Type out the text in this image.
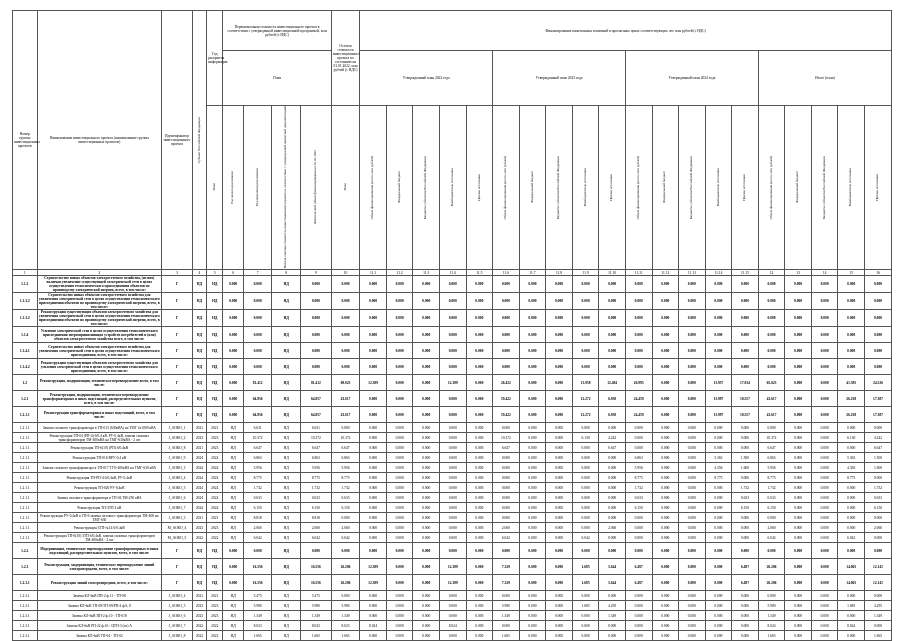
Номер группы инвестиционных проектов	Наименование инвестиционного проекта (наименование группы инвестиционных проектов)	Идентификатор инвестиционного проекта	Субъект Российской Федерации	Год раскрытия информации	Первоначальная стоимость инвестиционного проекта в соответствии с утвержденной инвестиционной программой, млн рублей (с НДС)				Остаток стоимости инвестиционного проекта по состоянию на 01.01.2022, млн рублей (с НДС)	Финансирование капитальных вложений в прогнозных ценах соответствующих лет, млн рублей (с НДС)																			
					План					Утвержденный план 2022 года					Утвержденный план 2023 года					Утвержденный план 2024 года					Итого (план)				
				План	Год начала реализации	Год окончания реализации	Полная сметная стоимость инвестиционного проекта в соответствии с утвержденной проектной документацией	Фактический объем финансирования на 01.01.2022	План	Объем финансирования (всего, млн рублей)	Федеральный бюджет	Бюджеты субъектов Российской Федерации	Внебюджетные источники	Прочие источники	Объем финансирования (всего, млн рублей)	Федеральный бюджет	Бюджеты субъектов Российской Федерации	Внебюджетные источники	Прочие источники	Объем финансирования (всего, млн рублей)	Федеральный бюджет	Бюджеты субъектов Российской Федерации	Внебюджетные источники	Прочие источники	Объем финансирования (всего, млн рублей)	Федеральный бюджет	Бюджеты субъектов Российской Федерации	Внебюджетные источники	Прочие источники
1	2	3	4	5	6	7	8	9	10	11.1	11.2	11.3	11.4	11.5	11.6	11.7	11.8	11.9	11.10	11.11	11.12	11.13	11.14	11.15	12	13	14	15	16
1.1.2	Строительство новых объектов электросетевого хозяйства, (из них) включая увеличение существующей электрической сети в целях осуществления технологического присоединения объектов по производству электрической энергии, всего, в том числе:	Г	НД	НД	0.000	0.000	НД	0.000	0.000	0.000	0.000	0.000	0.000	0.000	0.000	0.000	0.000	0.000	0.000	0.000	0.000	0.000	0.000	0.000	0.000	0.000	0.000	0.000	0.000
1.1.3.2	Строительство новых объектов электросетевого хозяйства для увеличения электрической сети в целях осуществления технологического присоединения объектов по производству электрической энергии, всего, в том числе:	Г	НД	НД	0.000	0.000	НД	0.000	0.000	0.000	0.000	0.000	0.000	0.000	0.000	0.000	0.000	0.000	0.000	0.000	0.000	0.000	0.000	0.000	0.000	0.000	0.000	0.000	0.000
1.1.3.2	Реконструкция существующих объектов электросетевого хозяйства для увеличения электрической сети в целях осуществления технологического присоединения объектов по производству электрической энергии, всего, в том числе:	Г	НД	НД	0.000	0.000	НД	0.000	0.000	0.000	0.000	0.000	0.000	0.000	0.000	0.000	0.000	0.000	0.000	0.000	0.000	0.000	0.000	0.000	0.000	0.000	0.000	0.000	0.000
1.1.4	Усиление электрической сети в целях осуществления технологического присоединения энергопринимающих устройств потребителей и (или) объектов электросетевого хозяйства всего, в том числе:	Г	НД	НД	0.000	0.000	НД	0.000	0.000	0.000	0.000	0.000	0.000	0.000	0.000	0.000	0.000	0.000	0.000	0.000	0.000	0.000	0.000	0.000	0.000	0.000	0.000	0.000	0.000
1.1.4.1	Строительство новых объектов электросетевого хозяйства для увеличения электрической сети в целях осуществления технологического присоединения, всего, в том числе:	Г	НД	НД	0.000	0.000	НД	0.000	0.000	0.000	0.000	0.000	0.000	0.000	0.000	0.000	0.000	0.000	0.000	0.000	0.000	0.000	0.000	0.000	0.000	0.000	0.000	0.000	0.000
1.1.4.2	Реконструкция существующих объектов электросетевого хозяйства для усиления электрической сети в целях осуществления технологического присоединения, всего, в том числе:	Г	НД	НД	0.000	0.000	НД	0.000	0.000	0.000	0.000	0.000	0.000	0.000	0.000	0.000	0.000	0.000	0.000	0.000	0.000	0.000	0.000	0.000	0.000	0.000	0.000	0.000	0.000
1.2	Реконструкция, модернизация, техническое перевооружение всего, в том числе:	Г	НД	НД	0.000	81.412	НД	81.412	69.023	12.389	0.000	0.000	12.389	0.000	26.452	0.000	0.000	13.958	12.494	26.995	0.000	0.000	13.957	17.034	65.623	0.000	0.000	41.395	24.526
1.2.1	Реконструкция, модернизация, техническое перевооружение трансформаторных и иных подстанций, распределительных пунктов, всего, в том числе:	Г	НД	НД	0.000	64.856	НД	64.857	43.617	0.000	0.000	0.000	0.000	0.000	19.422	0.000	0.000	12.272	6.950	24.459	0.000	0.000	13.997	10.557	43.617	0.000	0.000	26.238	17.387
1.2.1.1	Реконструкция трансформаторных и иных подстанций, всего, в том числе:	Г	НД	НД	0.000	64.856	НД	64.857	43.617	0.000	0.000	0.000	0.000	0.000	19.422	0.000	0.000	12.272	6.950	24.459	0.000	0.000	13.997	10.557	43.617	0.000	0.000	26.238	17.387
1.2.1.1	Замена силового трансформатора в ТП-013 (630кВА) на ТМГ 2х1000 кВА	J_AОКО_1	2021	2021	НД	6.631	НД	6.631	0.000	0.000	0.000	0.000	0.000	0.000	0.000	0.000	0.000	0.000	0.000	0.000	0.000	0.000	0.000	0.000	0.000	0.000	0.000	0.000	0.000
1.2.1.1	Реконструкция ТП-04 (РП-4) 6/0,4 кВ, РУ-0,4кВ, замена силовых трансформаторов ТМ-400кВА на ТМГ-630кВА - 2 шт	J_AОКО_2	2023	2023	НД	10.372	НД	10.372	10.372	0.000	0.000	0.000	0.000	0.000	10.372	0.000	0.000	6.130	4.242	0.000	0.000	0.000	0.000	0.000	10.372	0.000	0.000	6.130	4.242
1.2.1.1	Реконструкция ТП-6(10) (РП) 6/0,4кВ	J_AОКО_8	2021	2023	НД	6.647	НД	6.647	6.647	0.000	0.000	0.000	0.000	0.000	6.647	0.000	0.000	0.000	6.647	0.000	0.000	0.000	0.000	0.000	6.647	0.000	0.000	0.000	6.647
1.2.1.1	Реконструкция ТП-016 ВРУ-0,4 кВ	J_AОКО_9	2024	2024	НД	6.863	НД	6.863	6.863	0.000	0.000	0.000	0.000	0.000	0.000	0.000	0.000	0.000	0.000	6.863	0.000	0.000	5.363	1.500	6.863	0.000	0.000	5.363	1.500
1.2.1.1	Замена силового трансформатора в ТП-017 ТГО-400кВА на ТМГ-630 кВА	J_AОКО_3	2024	2024	НД	5.956	НД	5.956	5.956	0.000	0.000	0.000	0.000	0.000	0.000	0.000	0.000	0.000	0.000	5.956	0.000	0.000	4.356	1.600	5.956	0.000	0.000	4.356	1.600
1.2.1.1	Реконструкция ТП-РП-4 6/0,4кВ, РУ-0,4кВ	J_AОКО_4	2024	2024	НД	8.775	НД	8.775	8.775	0.000	0.000	0.000	0.000	0.000	0.000	0.000	0.000	0.000	0.000	8.775	0.000	0.000	8.775	0.000	8.775	0.000	0.000	8.775	0.000
1.2.1.1	Реконструкция ТП-020 РУ-0,4кВ	J_AОКО_5	2024	2024	НД	1.732	НД	1.732	1.732	0.000	0.000	0.000	0.000	0.000	0.000	0.000	0.000	0.000	0.000	1.732	0.000	0.000	0.000	1.732	1.732	0.000	0.000	0.000	1.732
1.2.1.1	Замена силового трансформатора в ТП-04 ТМ-250 кВА	J_AОКО_6	2024	2024	НД	0.633	НД	0.633	0.633	0.000	0.000	0.000	0.000	0.000	0.000	0.000	0.000	0.000	0.000	0.633	0.000	0.000	0.000	0.633	0.633	0.000	0.000	0.000	0.633
1.2.1.1	Реконструкция ТП-ЗТП 2 кВ	J_AОКО_7	2024	2024	НД	6.150	НД	6.150	6.150	0.000	0.000	0.000	0.000	0.000	0.000	0.000	0.000	0.000	0.000	6.150	0.000	0.000	0.000	6.150	6.150	0.000	0.000	0.000	6.150
1.2.1.1	Реконструкция РУ-0,4кВ в ТП-6 замена силового трансформатора ТМ-400 на ТМГ-630	J_AОКО_3	2021	2021	НД	8.818	НД	8.818	0.000	0.000	0.000	0.000	0.000	0.000	0.000	0.000	0.000	0.000	0.000	0.000	0.000	0.000	0.000	0.000	0.000	0.000	0.000	0.000	0.000
1.2.1.1	Реконструкция ЗТП-№14 6/0,4кВ	M_AОКО_4	2023	2023	НД	2.060	НД	2.060	2.060	0.000	0.000	0.000	0.000	0.000	2.060	0.000	0.000	0.000	2.060	0.000	0.000	0.000	0.000	0.000	2.060	0.000	0.000	0.000	2.060
1.2.1.1	Реконструкция ТП-6(10) ЗТП 6/0,4кВ, замена силовых трансформаторов ТМ-400кВА - 2 шт	M_AОКО_5	2022	2022	НД	6.042	НД	6.042	6.042	0.000	0.000	0.000	0.000	0.000	6.042	0.000	0.000	6.042	0.000	0.000	0.000	0.000	0.000	0.000	6.042	0.000	0.000	6.042	0.000
1.2.2	Модернизация, техническое перевооружение трансформаторных и иных подстанций, распределительных пунктов, всего, в том числе:	Г	НД	НД	0.000	0.000	НД	0.000	0.000	0.000	0.000	0.000	0.000	0.000	0.000	0.000	0.000	0.000	0.000	0.000	0.000	0.000	0.000	0.000	0.000	0.000	0.000	0.000	0.000
1.2.3	Реконструкция, модернизация, техническое перевооружение линий электропередачи, всего, в том числе:	Г	НД	НД	0.000	16.556	НД	16.556	26.206	12.389	0.000	0.000	12.389	0.000	7.329	0.000	0.000	1.685	5.644	6.497	0.000	0.000	0.000	6.497	26.206	0.000	0.000	14.065	12.141
1.2.3.1	Реконструкция линий электропередачи, всего, в том числе:	Г	НД	НД	0.000	16.556	НД	16.556	26.206	12.389	0.000	0.000	12.389	0.000	7.329	0.000	0.000	1.685	5.644	6.497	0.000	0.000	0.000	6.497	26.206	0.000	0.000	14.065	12.141
1.2.3.1	Замена КЛ-6кВ ПП-2 ф.11 - ТП-08	J_AОКО_4	2021	2021	НД	5.475	НД	5.475	0.000	0.000	0.000	0.000	0.000	0.000	0.000	0.000	0.000	0.000	0.000	0.000	0.000	0.000	0.000	0.000	0.000	0.000	0.000	0.000	0.000
1.2.3.1	Замена КЛ-6кВ ТП-09/ТП-09/РП-4 ф.6, 8	J_AОКО_5	2023	2023	НД	5.980	НД	5.980	5.980	0.000	0.000	0.000	0.000	0.000	5.980	0.000	0.000	1.685	4.295	0.000	0.000	0.000	0.000	0.000	5.980	0.000	0.000	1.685	4.295
1.2.3.1	Замена КЛ-6кВ ПП-2 ф.10 - ТП-018	J_AОКО_6	2023	2023	НД	1.349	НД	1.349	1.349	0.000	0.000	0.000	0.000	0.000	1.349	0.000	0.000	0.000	1.349	0.000	0.000	0.000	0.000	0.000	1.349	0.000	0.000	0.000	1.349
1.2.3.1	Замена КЛ-6кВ РП-22 ф.16 - ЦТП-3 (тп) А	J_AОКО_7	2022	2022	НД	8.023	НД	8.023	8.023	8.024	0.000	0.000	8.024	0.000	0.000	0.000	0.000	0.000	0.000	0.000	0.000	0.000	0.000	0.000	8.024	0.000	0.000	8.024	0.000
1.2.3.1	Замена КЛ-6кВ ТП-04 - ТП-02	J_AОКО_8	2022	2022	НД	1.665	НД	1.665	1.665	0.000	0.000	0.000	0.000	0.000	1.665	0.000	0.000	0.000	0.000	0.000	0.000	0.000	0.000	0.000	1.665	0.000	0.000	0.000	1.665
